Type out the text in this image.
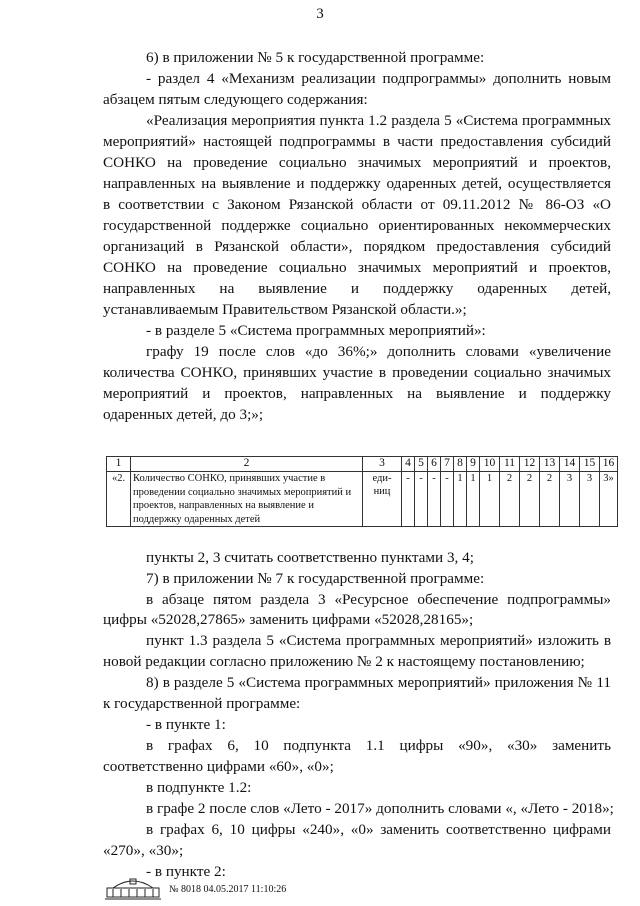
3
6) в приложении № 5 к государственной программе:
- раздел 4 «Механизм реализации подпрограммы» дополнить новым
абзацем пятым следующего содержания:
«Реализация мероприятия пункта 1.2 раздела 5 «Система программных
мероприятий» настоящей подпрограммы в части предоставления субсидий
СОНКО на проведение социально значимых мероприятий и проектов,
направленных на выявление и поддержку одаренных детей, осуществляется
в соответствии с Законом Рязанской области от 09.11.2012 № 86-ОЗ «О
государственной поддержке социально ориентированных некоммерческих
организаций в Рязанской области», порядком предоставления субсидий
СОНКО на проведение социально значимых мероприятий и проектов,
направленных на выявление и поддержку одаренных детей,
устанавливаемым Правительством Рязанской области.»;
- в разделе 5 «Система программных мероприятий»:
графу 19 после слов «до 36%;» дополнить словами «увеличение
количества СОНКО, принявших участие в проведении социально значимых
мероприятий и проектов, направленных на выявление и поддержку
одаренных детей, до 3;»;
1	2	3	4	5	6	7	8	9	10	11	12	13	14	15	16
«2.	Количество СОНКО, принявших участие в проведении социально значимых мероприятий и проектов, направленных на выявление и поддержку одаренных детей	еди-
ниц	-	-	-	-	1	1	1	2	2	2	3	3	3»
пункты 2, 3 считать соответственно пунктами 3, 4;
7) в приложении № 7 к государственной программе:
в абзаце пятом раздела 3 «Ресурсное обеспечение подпрограммы»
цифры «52028,27865» заменить цифрами «52028,28165»;
пункт 1.3 раздела 5 «Система программных мероприятий» изложить в
новой редакции согласно приложению № 2 к настоящему постановлению;
8) в разделе 5 «Система программных мероприятий» приложения № 11
к государственной программе:
- в пункте 1:
в графах 6, 10 подпункта 1.1 цифры «90», «30» заменить
соответственно цифрами «60», «0»;
в подпункте 1.2:
в графе 2 после слов «Лето - 2017» дополнить словами «, «Лето - 2018»;
в графах 6, 10 цифры «240», «0» заменить соответственно цифрами
«270», «30»;
- в пункте 2:
№ 8018 04.05.2017 11:10:26
